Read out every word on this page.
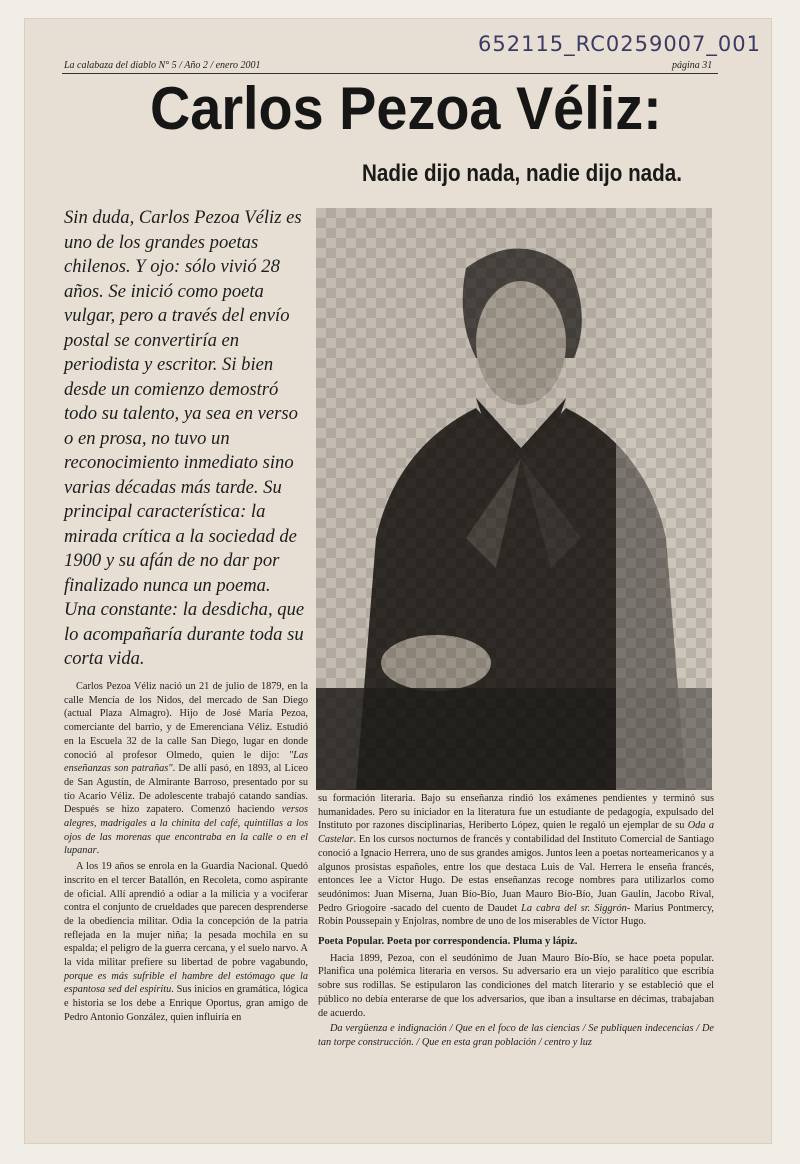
652115_RC0259007_001
La calabaza del diablo N° 5 / Año 2 / enero 2001	página 31
Carlos Pezoa Véliz:
Nadie dijo nada, nadie dijo nada.
Sin duda, Carlos Pezoa Véliz es uno de los grandes poetas chilenos. Y ojo: sólo vivió 28 años. Se inició como poeta vulgar, pero a través del envío postal se convertiría en periodista y escritor. Si bien desde un comienzo demostró todo su talento, ya sea en verso o en prosa, no tuvo un reconocimiento inmediato sino varias décadas más tarde. Su principal característica: la mirada crítica a la sociedad de 1900 y su afán de no dar por finalizado nunca un poema. Una constante: la desdicha, que lo acompañaría durante toda su corta vida.

Carlos Pezoa Véliz nació un 21 de julio de 1879, en la calle Mencía de los Nidos, del mercado de San Diego (actual Plaza Almagro). Hijo de José María Pezoa, comerciante del barrio, y de Emerenciana Véliz. Estudió en la Escuela 32 de la calle San Diego, lugar en donde conoció al profesor Olmedo, quien le dijo: "Las enseñanzas son patrañas". De allí pasó, en 1893, al Liceo de San Agustín, de Almirante Barroso, presentado por su tío Acario Véliz. De adolescente trabajó catando sandías. Después se hizo zapatero. Comenzó haciendo versos alegres, madrigales a la chinita del café, quintillas a los ojos de las morenas que encontraba en la calle o en el lupanar.

A los 19 años se enrola en la Guardia Nacional. Quedó inscrito en el tercer Batallón, en Recoleta, como aspirante de oficial. Allí aprendió a odiar a la milicia y a vociferar contra el conjunto de crueldades que parecen desprenderse de la obediencia militar. Odia la concepción de la patria reflejada en la mujer niña; la pesada mochila en su espalda; el peligro de la guerra cercana, y el suelo narvo. A la vida militar prefiere su libertad de pobre vagabundo, porque es más sufrible el hambre del estómago que la espantosa sed del espíritu. Sus inicios en gramática, lógica e historia se los debe a Enrique Oportus, gran amigo de Pedro Antonio González, quien influiría en

su formación literaria. Bajo su enseñanza rindió los exámenes pendientes y terminó sus humanidades. Pero su iniciador en la literatura fue un estudiante de pedagogía, expulsado del Instituto por razones disciplinarias, Heriberto López, quien le regaló un ejemplar de su Oda a Castelar. En los cursos nocturnos de francés y contabilidad del Instituto Comercial de Santiago conoció a Ignacio Herrera, uno de sus grandes amigos. Juntos leen a poetas norteamericanos y a algunos prosistas españoles, entre los que destaca Luis de Val. Herrera le enseña francés, entonces lee a Víctor Hugo. De estas enseñanzas recoge nombres para utilizarlos como seudónimos: Juan Miserna, Juan Bío-Bío, Juan Mauro Bío-Bío, Juan Gaulín, Jacobo Rival, Pedro Griogoire -sacado del cuento de Daudet La cabra del sr. Siggrón- Marius Pontmercy, Robin Poussepain y Enjolras, nombre de uno de los miserables de Víctor Hugo.

Poeta Popular. Poeta por correspondencia. Pluma y lápiz.

Hacia 1899, Pezoa, con el seudónimo de Juan Mauro Bío-Bío, se hace poeta popular. Planifica una polémica literaria en versos. Su adversario era un viejo paralítico que escribía sobre sus rodillas. Se estipularon las condiciones del match literario y se estableció que el público no debía enterarse de que los adversarios, que iban a insultarse en décimas, trabajaban de acuerdo.

Da vergüenza e indignación / Que en el foco de las ciencias / Se publiquen indecencias / De tan torpe construcción. / Que en esta gran población / centro y luz
